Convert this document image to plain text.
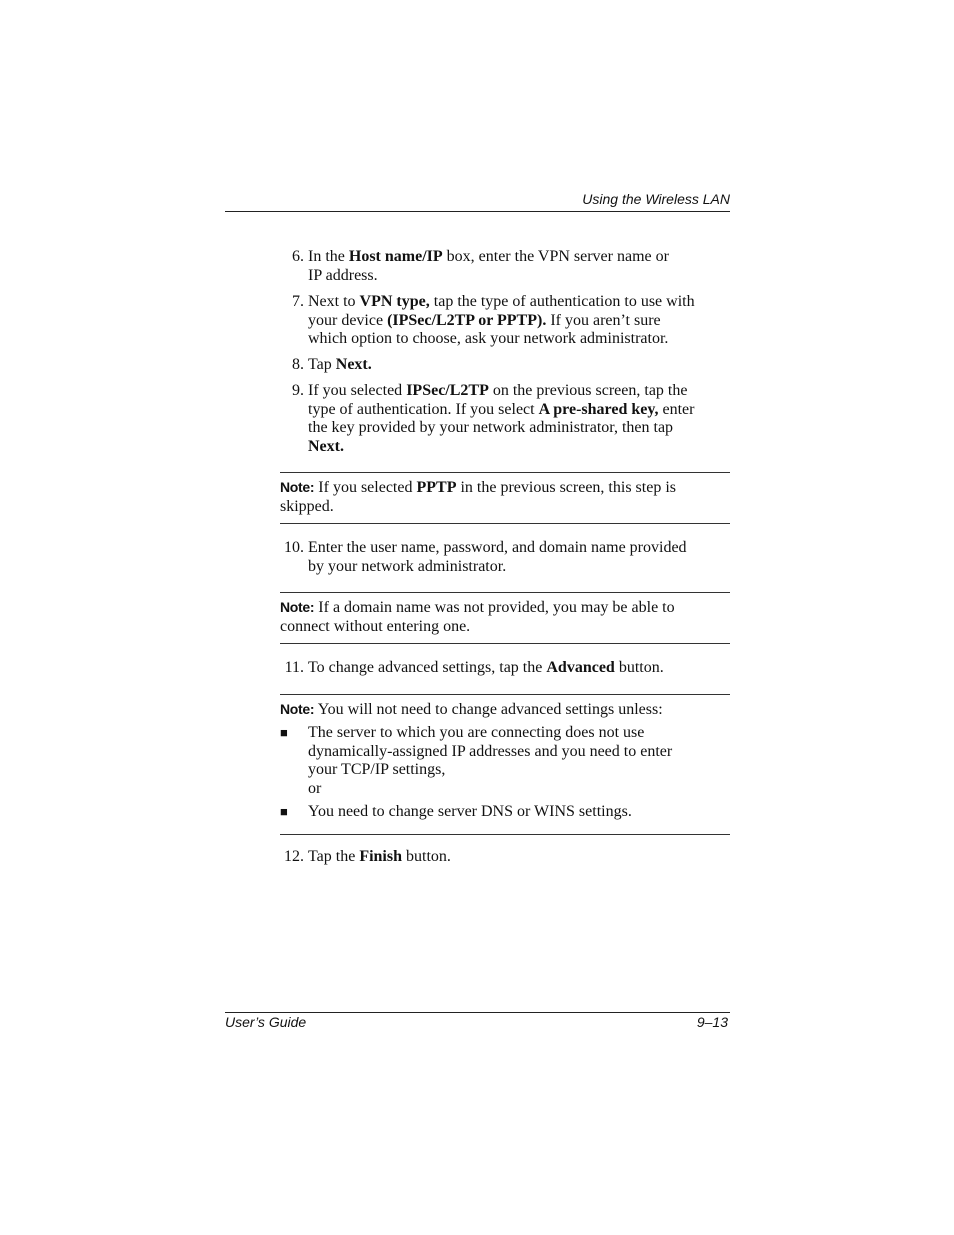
Using the Wireless LAN
6. In the Host name/IP box, enter the VPN server name or
IP address.
7. Next to VPN type, tap the type of authentication to use with
your device (IPSec/L2TP or PPTP). If you aren’t sure
which option to choose, ask your network administrator.
8. Tap Next.
9. If you selected IPSec/L2TP on the previous screen, tap the
type of authentication. If you select A pre-shared key, enter
the key provided by your network administrator, then tap
Next.
Note: If you selected PPTP in the previous screen, this step is
skipped.
10. Enter the user name, password, and domain name provided
by your network administrator.
Note: If a domain name was not provided, you may be able to
connect without entering one.
11. To change advanced settings, tap the Advanced button.
Note: You will not need to change advanced settings unless:
■ The server to which you are connecting does not use
dynamically-assigned IP addresses and you need to enter
your TCP/IP settings,
or
■ You need to change server DNS or WINS settings.
12. Tap the Finish button.
User’s Guide	9–13
